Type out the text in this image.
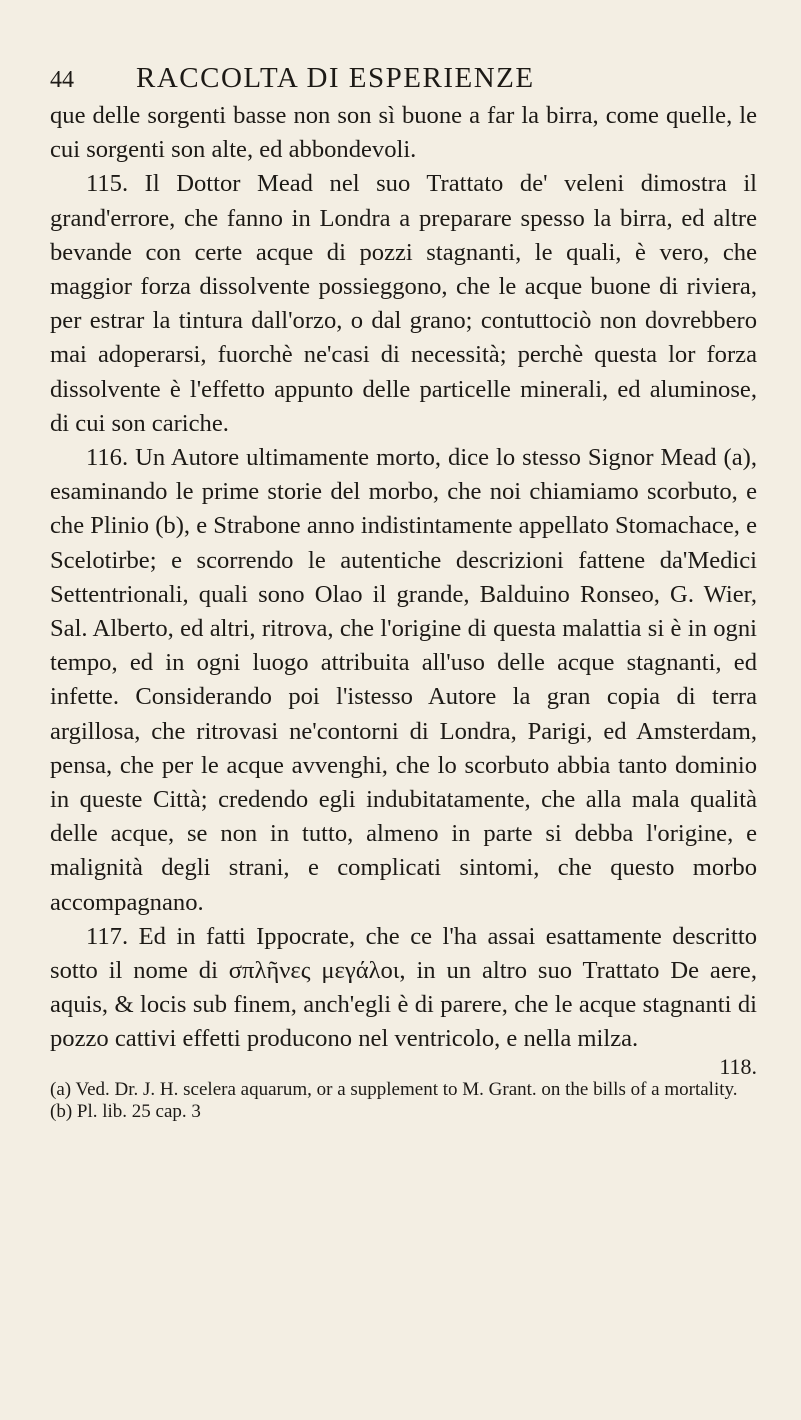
44	RACCOLTA DI ESPERIENZE

que delle sorgenti basse non son sì buone a far la birra, come quelle, le cui sorgenti son alte, ed abbondevoli.

115. Il Dottor Mead nel suo Trattato de' veleni dimostra il grand'errore, che fanno in Londra a preparare spesso la birra, ed altre bevande con certe acque di pozzi stagnanti, le quali, è vero, che maggior forza dissolvente possieggono, che le acque buone di riviera, per estrar la tintura dall'orzo, o dal grano; contuttociò non dovrebbero mai adoperarsi, fuorchè ne'casi di necessità; perchè questa lor forza dissolvente è l'effetto appunto delle particelle minerali, ed aluminose, di cui son cariche.

116. Un Autore ultimamente morto, dice lo stesso Signor Mead (a), esaminando le prime storie del morbo, che noi chiamiamo scorbuto, e che Plinio (b), e Strabone anno indistintamente appellato Stomachace, e Scelotirbe; e scorrendo le autentiche descrizioni fattene da'Medici Settentrionali, quali sono Olao il grande, Balduino Ronseo, G. Wier, Sal. Alberto, ed altri, ritrova, che l'origine di questa malattia si è in ogni tempo, ed in ogni luogo attribuita all'uso delle acque stagnanti, ed infette. Considerando poi l'istesso Autore la gran copia di terra argillosa, che ritrovasi ne'contorni di Londra, Parigi, ed Amsterdam, pensa, che per le acque avvenghi, che lo scorbuto abbia tanto dominio in queste Città; credendo egli indubitatamente, che alla mala qualità delle acque, se non in tutto, almeno in parte si debba l'origine, e malignità degli strani, e complicati sintomi, che questo morbo accompagnano.

117. Ed in fatti Ippocrate, che ce l'ha assai esattamente descritto sotto il nome di σπλῆνες μεγάλοι, in un altro suo Trattato De aere, aquis, & locis sub finem, anch'egli è di parere, che le acque stagnanti di pozzo cattivi effetti producono nel ventricolo, e nella milza.

118.

(a) Ved. Dr. J. H. scelera aquarum, or a supplement to M. Grant. on the bills of a mortality.

(b) Pl. lib. 25 cap. 3
